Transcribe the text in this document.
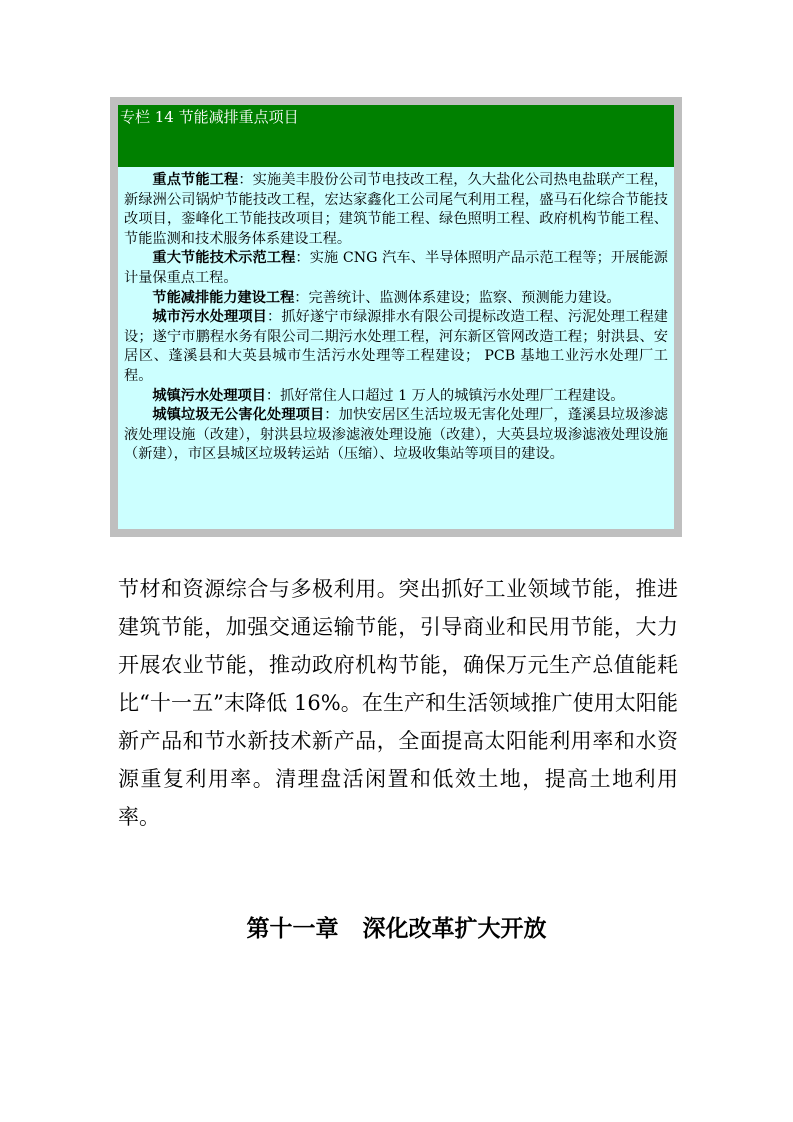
专栏 14 节能减排重点项目

重点节能工程：实施美丰股份公司节电技改工程，久大盐化公司热电盐联产工程，新绿洲公司锅炉节能技改工程，宏达家鑫化工公司尾气利用工程，盛马石化综合节能技改项目，銮峰化工节能技改项目；建筑节能工程、绿色照明工程、政府机构节能工程、节能监测和技术服务体系建设工程。

重大节能技术示范工程：实施 CNG 汽车、半导体照明产品示范工程等；开展能源计量保重点工程。

节能减排能力建设工程：完善统计、监测体系建设；监察、预测能力建设。

城市污水处理项目：抓好遂宁市绿源排水有限公司提标改造工程、污泥处理工程建设；遂宁市鹏程水务有限公司二期污水处理工程，河东新区管网改造工程；射洪县、安居区、蓬溪县和大英县城市生活污水处理等工程建设； PCB 基地工业污水处理厂工程。

城镇污水处理项目：抓好常住人口超过 1 万人的城镇污水处理厂工程建设。

城镇垃圾无公害化处理项目：加快安居区生活垃圾无害化处理厂，蓬溪县垃圾渗滤液处理设施（改建），射洪县垃圾渗滤液处理设施（改建），大英县垃圾渗滤液处理设施（新建），市区县城区垃圾转运站（压缩）、垃圾收集站等项目的建设。

节材和资源综合与多极利用。突出抓好工业领域节能，推进建筑节能，加强交通运输节能，引导商业和民用节能，大力开展农业节能，推动政府机构节能，确保万元生产总值能耗比“十一五”末降低 16%。在生产和生活领域推广使用太阳能新产品和节水新技术新产品，全面提高太阳能利用率和水资源重复利用率。清理盘活闲置和低效土地，提高土地利用率。

第十一章   深化改革扩大开放
